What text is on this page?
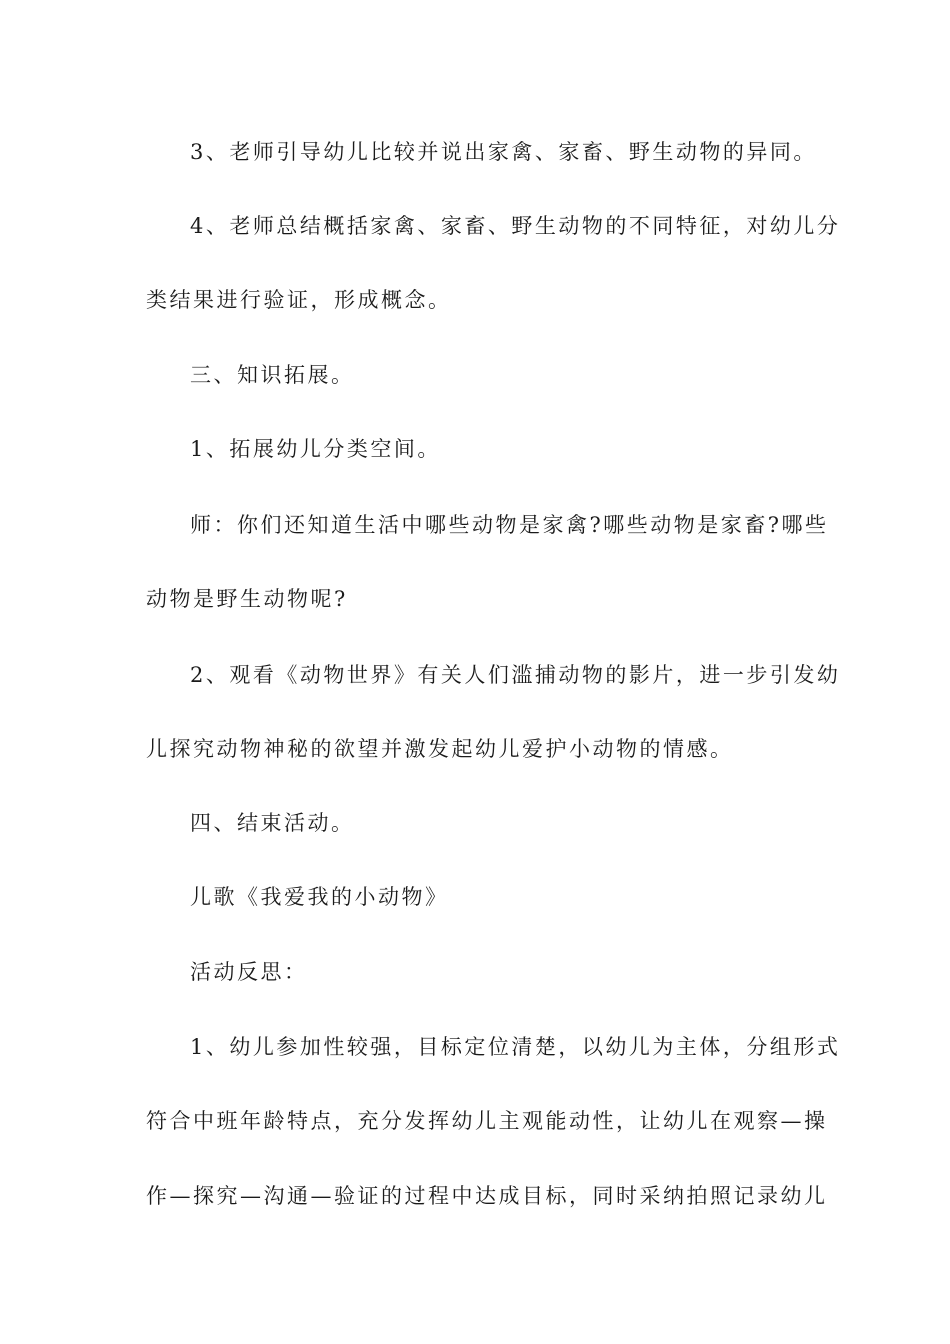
3、老师引导幼儿比较并说出家禽、家畜、野生动物的异同。
4、老师总结概括家禽、家畜、野生动物的不同特征，对幼儿分
类结果进行验证，形成概念。
三、知识拓展。
1、拓展幼儿分类空间。
师：你们还知道生活中哪些动物是家禽?哪些动物是家畜?哪些
动物是野生动物呢?
2、观看《动物世界》有关人们滥捕动物的影片，进一步引发幼
儿探究动物神秘的欲望并激发起幼儿爱护小动物的情感。
四、结束活动。
儿歌《我爱我的小动物》
活动反思：
1、幼儿参加性较强，目标定位清楚，以幼儿为主体，分组形式
符合中班年龄特点，充分发挥幼儿主观能动性，让幼儿在观察—操
作—探究—沟通—验证的过程中达成目标，同时采纳拍照记录幼儿
